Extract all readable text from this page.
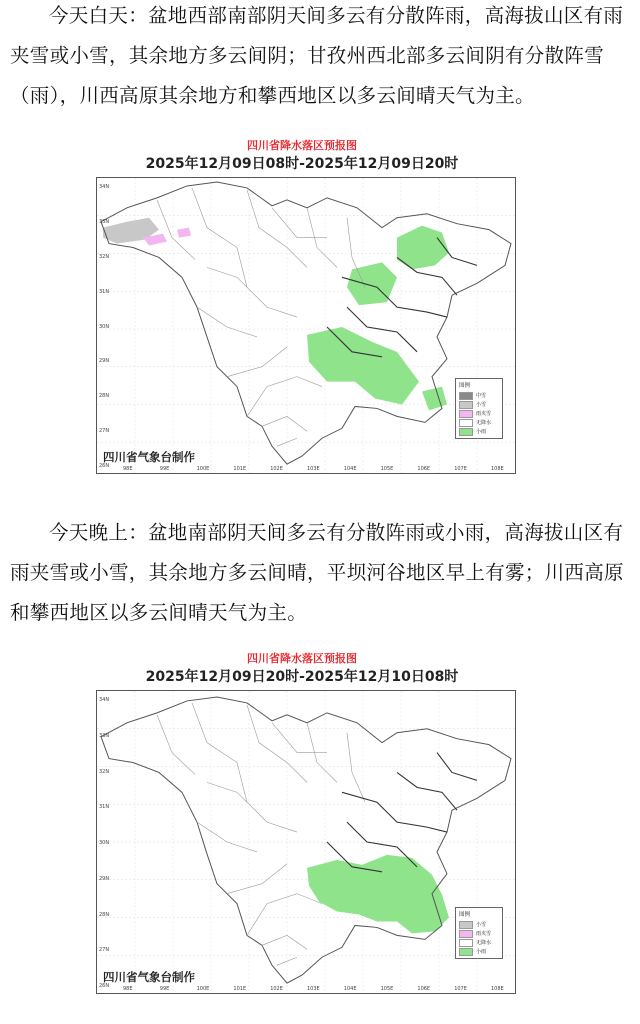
今天白天：盆地西部南部阴天间多云有分散阵雨，高海拔山区有雨夹雪或小雪，其余地方多云间阴；甘孜州西北部多云间阴有分散阵雪（雨），川西高原其余地方和攀西地区以多云间晴天气为主。

四川省降水落区预报图
2025年12月09日08时-2025年12月09日20时
四川省气象台制作
图例
中雪
小雪
雨夹雪
无降水
小雨
34N
33N
32N
31N
30N
29N
28N
27N
26N	98E	99E	100E	101E	102E	103E	104E	105E	106E	107E	108E

今天晚上：盆地南部阴天间多云有分散阵雨或小雨，高海拔山区有雨夹雪或小雪，其余地方多云间晴，平坝河谷地区早上有雾；川西高原和攀西地区以多云间晴天气为主。

四川省降水落区预报图
2025年12月09日20时-2025年12月10日08时
四川省气象台制作
图例
小雪
雨夹雪
无降水
小雨
34N
33N
32N
31N
30N
29N
28N
27N
26N	98E	99E	100E	101E	102E	103E	104E	105E	106E	107E	108E
